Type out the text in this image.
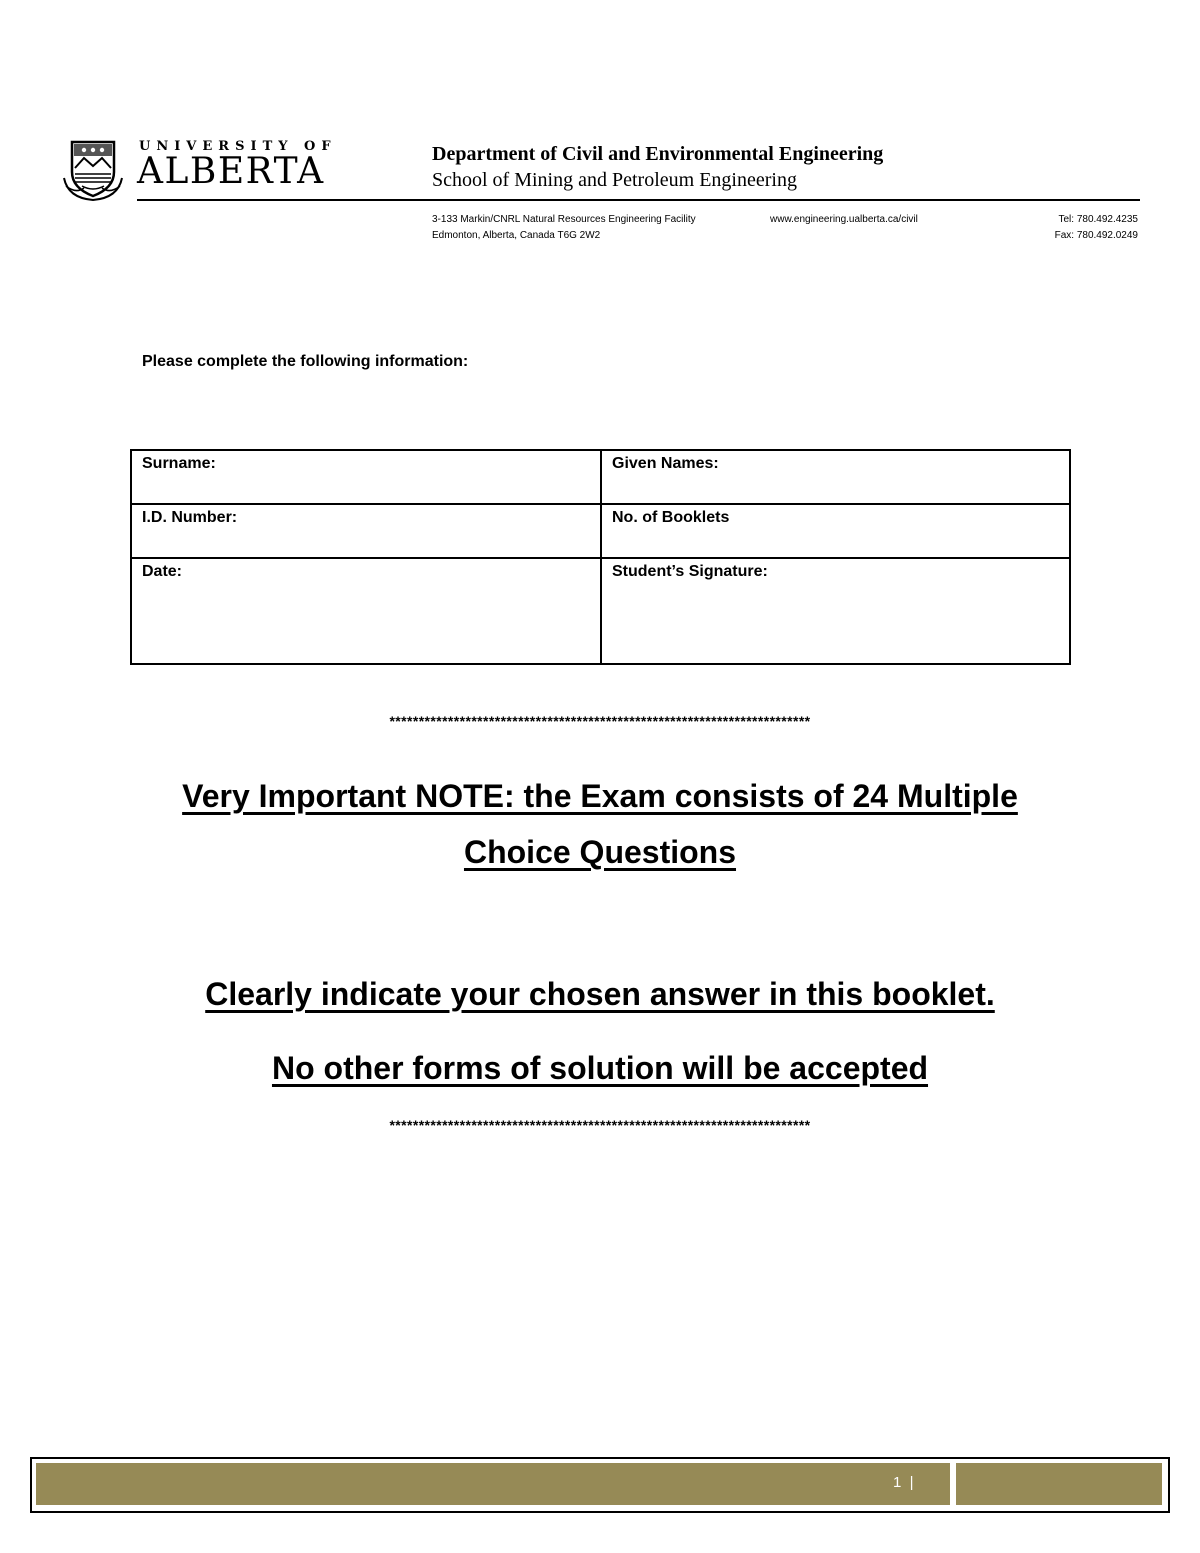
UNIVERSITY OF
ALBERTA	Department of Civil and Environmental Engineering
School of Mining and Petroleum Engineering
3-133 Markin/CNRL Natural Resources Engineering Facility
Edmonton, Alberta, Canada T6G 2W2
www.engineering.ualberta.ca/civil	Tel: 780.492.4235
Fax: 780.492.0249
Please complete the following information:
Surname:	Given Names:
I.D. Number:	No. of Booklets
Date:	Student’s Signature:
************************************************************************
Very Important NOTE: the Exam consists of 24 Multiple Choice Questions
Clearly indicate your chosen answer in this booklet.
No other forms of solution will be accepted
************************************************************************
1  |
